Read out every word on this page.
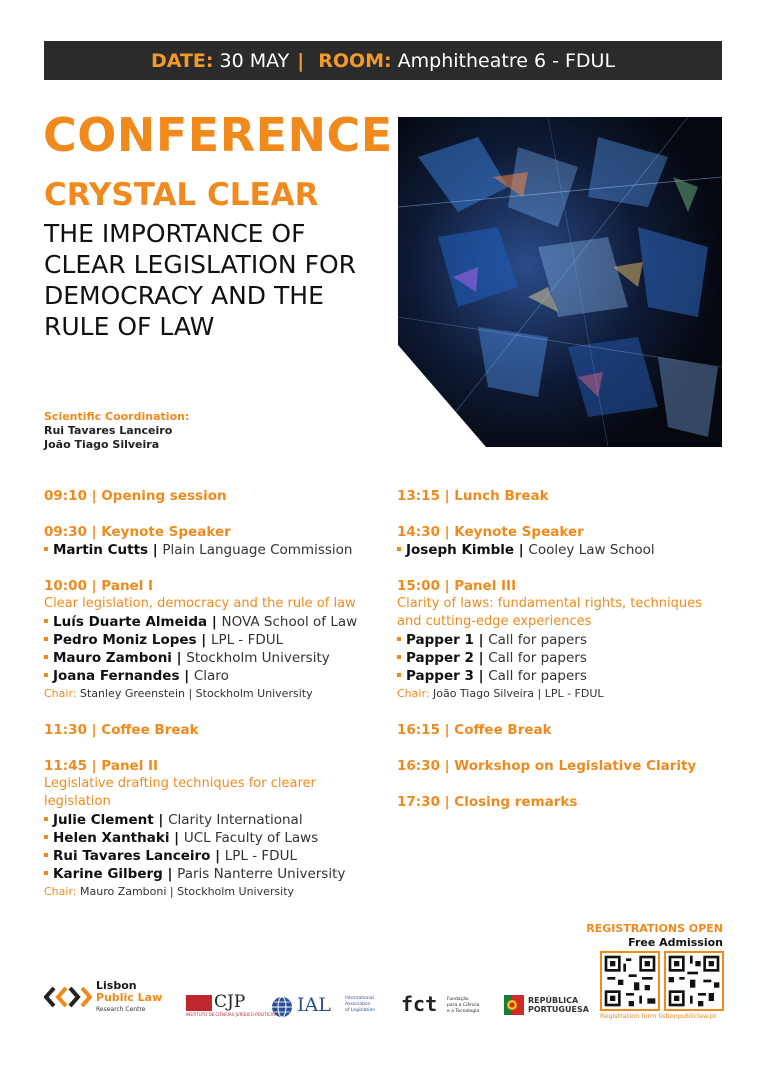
DATE: 30 MAY | ROOM: Amphitheatre 6 - FDUL
CONFERENCE
CRYSTAL CLEAR
THE IMPORTANCE OF
CLEAR LEGISLATION FOR
DEMOCRACY AND THE
RULE OF LAW
Scientific Coordination:
Rui Tavares Lanceiro
João Tiago Silveira
09:10 | Opening session
09:30 | Keynote Speaker
Martin Cutts | Plain Language Commission
10:00 | Panel I
Clear legislation, democracy and the rule of law
Luís Duarte Almeida | NOVA School of Law
Pedro Moniz Lopes | LPL - FDUL
Mauro Zamboni | Stockholm University
Joana Fernandes | Claro
Chair: Stanley Greenstein | Stockholm University
11:30 | Coffee Break
11:45 | Panel II
Legislative drafting techniques for clearer legislation
Julie Clement | Clarity International
Helen Xanthaki | UCL Faculty of Laws
Rui Tavares Lanceiro | LPL - FDUL
Karine Gilberg | Paris Nanterre University
Chair: Mauro Zamboni | Stockholm University
13:15 | Lunch Break
14:30 | Keynote Speaker
Joseph Kimble | Cooley Law School
15:00 | Panel III
Clarity of laws: fundamental rights, techniques and cutting-edge experiences
Papper 1 | Call for papers
Papper 2 | Call for papers
Papper 3 | Call for papers
Chair: João Tiago Silveira | LPL - FDUL
16:15 | Coffee Break
16:30 | Workshop on Legislative Clarity
17:30 | Closing remarks
REGISTRATIONS OPEN
Free Admission
Registration form lisbonpubliclaw.pt
Lisbon
Public Law
Research Centre	CJP
INSTITUTO DE CIÊNCIAS JURÍDICO-POLÍTICAS IAL	International
Association
of Legislation fct Fundação
para a Ciência
e a Tecnologia
REPÚBLICA
PORTUGUESA
